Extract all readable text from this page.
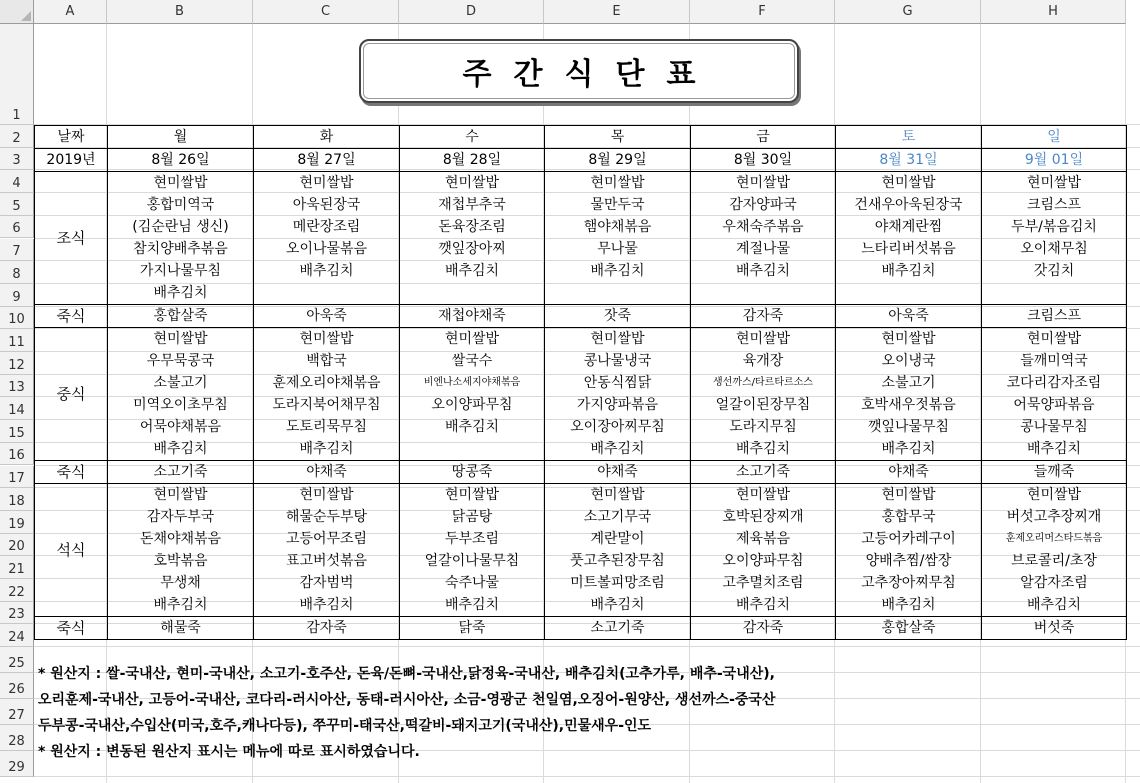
A	B	C	D	E	F	G	H
1
2
3
4
5
6
7
8
9
10
11
12
13
14
15
16
17
18
19
20
21
22
23
24
25
26
27
28
29
주간식단표
날짜	월	화	수	목	금	토	일

2019년	8월 26일	8월 27일	8월 28일	8월 29일	8월 30일	8월 31일	9월 01일

조식	현미쌀밥	현미쌀밥	현미쌀밥	현미쌀밥	현미쌀밥	현미쌀밥	현미쌀밥

	홍합미역국	아욱된장국	재첩부추국	물만두국	감자양파국	건새우아욱된장국	크림스프

	(김순란님 생신)	메란장조림	돈육장조림	햄야채볶음	우채숙주볶음	야채계란찜	두부/볶음김치

	참치양배추볶음	오이나물볶음	깻잎장아찌	무나물	계절나물	느타리버섯볶음	오이채무침

	가지나물무침	배추김치	배추김치	배추김치	배추김치	배추김치	갓김치

	배추김치						

죽식	홍합살죽	아욱죽	재첩야채죽	잣죽	감자죽	아욱죽	크림스프

중식	현미쌀밥	현미쌀밥	현미쌀밥	현미쌀밥	현미쌀밥	현미쌀밥	현미쌀밥

	우무묵콩국	백합국	쌀국수	콩나물냉국	육개장	오이냉국	들깨미역국

	소불고기	훈제오리야채볶음	비엔나소세지야채볶음	안동식찜닭	생선까스/타르타르소스	소불고기	코다리감자조림

	미역오이초무침	도라지북어채무침	오이양파무침	가지양파볶음	얼갈이된장무침	호박새우젓볶음	어묵양파볶음

	어묵야채볶음	도토리묵무침	배추김치	오이장아찌무침	도라지무침	깻잎나물무침	콩나물무침

	배추김치	배추김치		배추김치	배추김치	배추김치	배추김치

죽식	소고기죽	야채죽	땅콩죽	야채죽	소고기죽	야채죽	들깨죽

석식	현미쌀밥	현미쌀밥	현미쌀밥	현미쌀밥	현미쌀밥	현미쌀밥	현미쌀밥

	감자두부국	해물순두부탕	닭곰탕	소고기무국	호박된장찌개	홍합무국	버섯고추장찌개

	돈채야채볶음	고등어무조림	두부조림	계란말이	제육볶음	고등어카레구이	훈제오리머스타드볶음

	호박볶음	표고버섯볶음	얼갈이나물무침	풋고추된장무침	오이양파무침	양배추찜/쌈장	브로콜리/초장

	무생채	감자범벅	숙주나물	미트볼피망조림	고추멸치조림	고추장아찌무침	알감자조림

	배추김치	배추김치	배추김치	배추김치	배추김치	배추김치	배추김치

죽식	해물죽	감자죽	닭죽	소고기죽	감자죽	홍합살죽	버섯죽
* 원산지 : 쌀-국내산, 현미-국내산, 소고기-호주산, 돈육/돈뼈-국내산,닭정육-국내산, 배추김치(고추가루, 배추-국내산),
오리훈제-국내산, 고등어-국내산, 코다리-러시아산, 동태-러시아산, 소금-영광군 천일염,오징어-원양산, 생선까스-중국산
두부콩-국내산,수입산(미국,호주,캐나다등), 쭈꾸미-태국산,떡갈비-돼지고기(국내산),민물새우-인도
* 원산지 : 변동된 원산지 표시는 메뉴에 따로 표시하였습니다.
